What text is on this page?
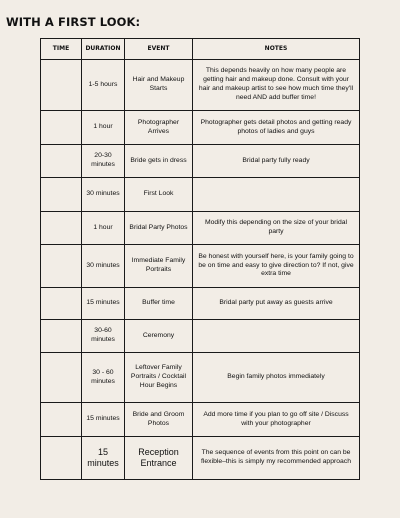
WITH A FIRST LOOK:
TIME	DURATION	EVENT	NOTES
	1-5 hours	Hair and Makeup Starts	This depends heavily on how many people are getting hair and makeup done. Consult with your hair and makeup artist to see how much time they'll need AND add buffer time!
	1 hour	Photographer Arrives	Photographer gets detail photos and getting ready photos of ladies and guys
	20-30 minutes	Bride gets in dress	Bridal party fully ready
	30 minutes	First Look	
	1 hour	Bridal Party Photos	Modify this depending on the size of your bridal party
	30 minutes	Immediate Family Portraits	Be honest with yourself here, is your family going to be on time and easy to give direction to? If not, give extra time
	15 minutes	Buffer time	Bridal party put away as guests arrive
	30-60 minutes	Ceremony	
	30 - 60 minutes	Leftover Family Portraits / Cocktail Hour Begins	Begin family photos immediately
	15 minutes	Bride and Groom Photos	Add more time if you plan to go off site / Discuss with your photographer
	15 minutes	Reception Entrance	The sequence of events from this point on can be flexible–this is simply my recommended approach
